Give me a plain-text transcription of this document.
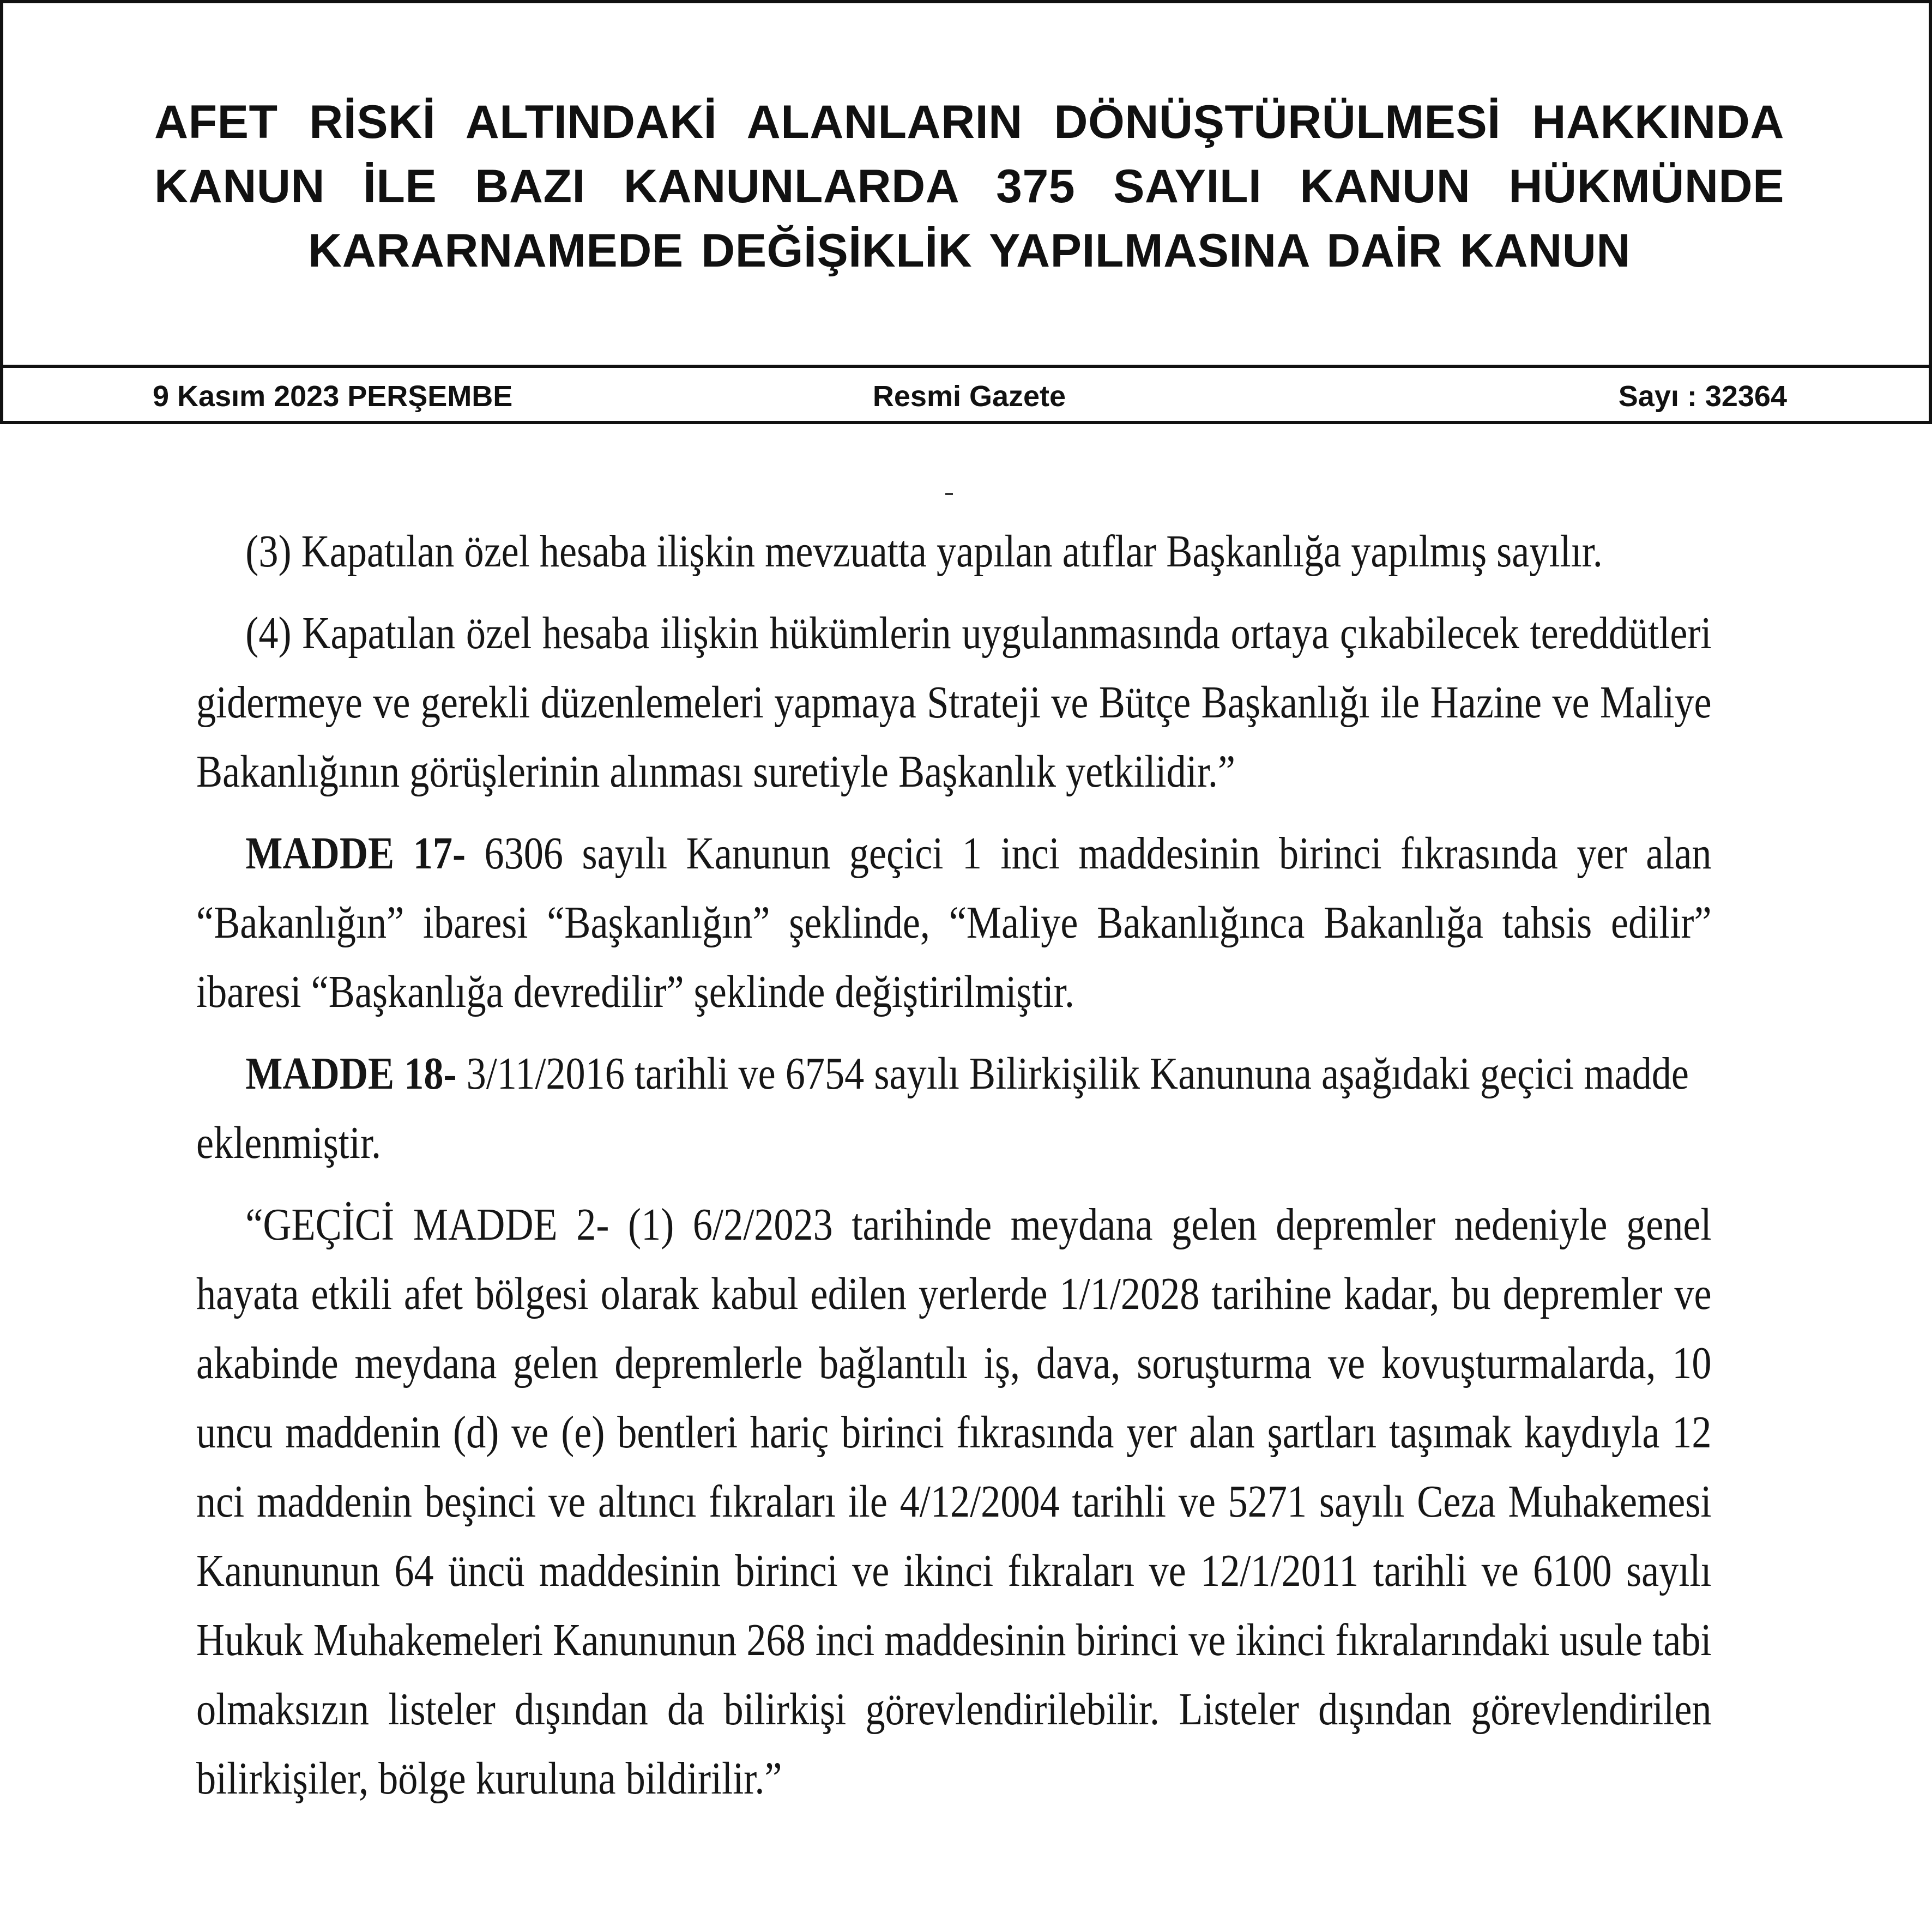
AFET RİSKİ ALTINDAKİ ALANLARIN DÖNÜŞTÜRÜLMESİ HAKKINDA KANUN İLE BAZI KANUNLARDA 375 SAYILI KANUN HÜKMÜNDE KARARNAMEDE DEĞİŞİKLİK YAPILMASINA DAİR KANUN
9 Kasım 2023 PERŞEMBE	Resmi Gazete	Sayı : 32364

(3) Kapatılan özel hesaba ilişkin mevzuatta yapılan atıflar Başkanlığa yapılmış sayılır.

(4) Kapatılan özel hesaba ilişkin hükümlerin uygulanmasında ortaya çıkabilecek tereddütleri gidermeye ve gerekli düzenlemeleri yapmaya Strateji ve Bütçe Başkanlığı ile Hazine ve Maliye Bakanlığının görüşlerinin alınması suretiyle Başkanlık yetkilidir.”

MADDE 17- 6306 sayılı Kanunun geçici 1 inci maddesinin birinci fıkrasında yer alan “Bakanlığın” ibaresi “Başkanlığın” şeklinde, “Maliye Bakanlığınca Bakanlığa tahsis edilir” ibaresi “Başkanlığa devredilir” şeklinde değiştirilmiştir.

MADDE 18- 3/11/2016 tarihli ve 6754 sayılı Bilirkişilik Kanununa aşağıdaki geçici madde eklenmiştir.

“GEÇİCİ MADDE 2- (1) 6/2/2023 tarihinde meydana gelen depremler nedeniyle genel hayata etkili afet bölgesi olarak kabul edilen yerlerde 1/1/2028 tarihine kadar, bu depremler ve akabinde meydana gelen depremlerle bağlantılı iş, dava, soruşturma ve kovuşturmalarda, 10 uncu maddenin (d) ve (e) bentleri hariç birinci fıkrasında yer alan şartları taşımak kaydıyla 12 nci maddenin beşinci ve altıncı fıkraları ile 4/12/2004 tarihli ve 5271 sayılı Ceza Muhakemesi Kanununun 64 üncü maddesinin birinci ve ikinci fıkraları ve 12/1/2011 tarihli ve 6100 sayılı Hukuk Muhakemeleri Kanununun 268 inci maddesinin birinci ve ikinci fıkralarındaki usule tabi olmaksızın listeler dışından da bilirkişi görevlendirilebilir. Listeler dışından görevlendirilen bilirkişiler, bölge kuruluna bildirilir.”
